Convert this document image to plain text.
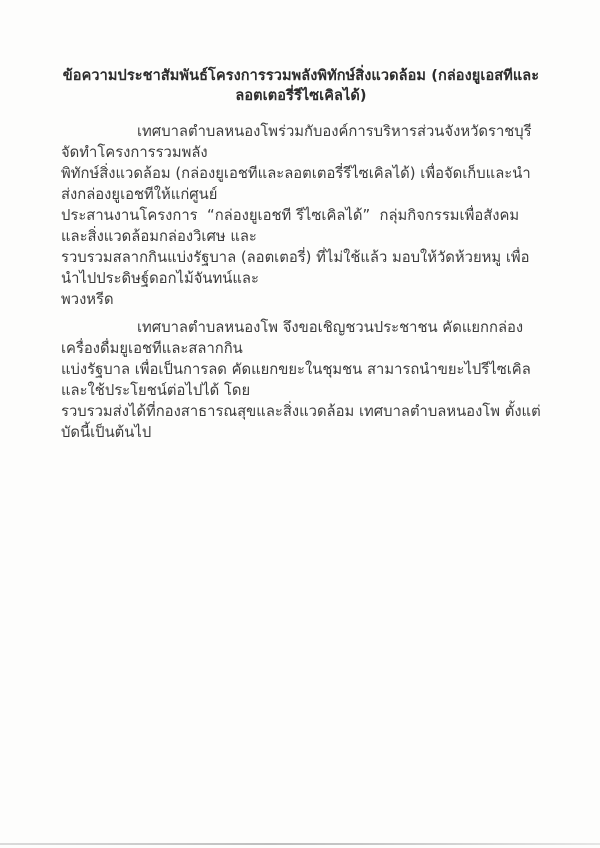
ข้อความประชาสัมพันธ์โครงการรวมพลังพิทักษ์สิ่งแวดล้อม (กล่องยูเอสทีและลอตเตอรี่รีไซเคิลได้)
เทศบาลตำบลหนองโพร่วมกับองค์การบริหารส่วนจังหวัดราชบุรี จัดทำโครงการรวมพลัง
พิทักษ์สิ่งแวดล้อม (กล่องยูเอชทีและลอตเตอรี่รีไซเคิลได้) เพื่อจัดเก็บและนำส่งกล่องยูเอชทีให้แก่ศูนย์
ประสานงานโครงการ  “กล่องยูเอชที รีไซเคิลได้”  กลุ่มกิจกรรมเพื่อสังคมและสิ่งแวดล้อมกล่องวิเศษ และ
รวบรวมสลากกินแบ่งรัฐบาล (ลอตเตอรี่) ที่ไม่ใช้แล้ว มอบให้วัดห้วยหมู เพื่อนำไปประดิษฐ์ดอกไม้จันทน์และ
พวงหรีด
เทศบาลตำบลหนองโพ จึงขอเชิญชวนประชาชน คัดแยกกล่องเครื่องดื่มยูเอชทีและสลากกิน
แบ่งรัฐบาล เพื่อเป็นการลด คัดแยกขยะในชุมชน สามารถนำขยะไปรีไซเคิลและใช้ประโยชน์ต่อไปได้ โดย
รวบรวมส่งได้ที่กองสาธารณสุขและสิ่งแวดล้อม เทศบาลตำบลหนองโพ ตั้งแต่บัดนี้เป็นต้นไป
